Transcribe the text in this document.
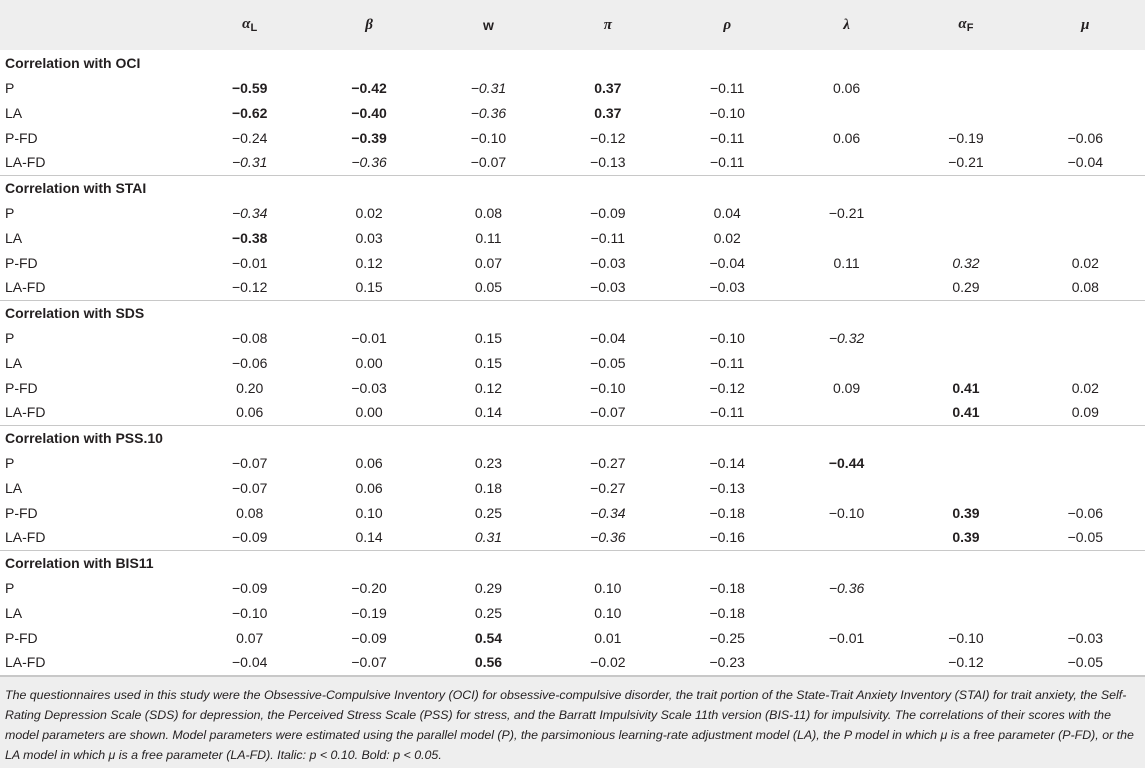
	$\alpha_L$	β	w	π	ρ	λ	$\alpha_F$	μ
Correlation with OCI								
P	−0.59	−0.42	−0.31	0.37	−0.11	0.06		
LA	−0.62	−0.40	−0.36	0.37	−0.10			
P-FD	−0.24	−0.39	−0.10	−0.12	−0.11	0.06	−0.19	−0.06
LA-FD	−0.31	−0.36	−0.07	−0.13	−0.11		−0.21	−0.04
Correlation with STAI								
P	−0.34	0.02	0.08	−0.09	0.04	−0.21		
LA	−0.38	0.03	0.11	−0.11	0.02			
P-FD	−0.01	0.12	0.07	−0.03	−0.04	0.11	0.32	0.02
LA-FD	−0.12	0.15	0.05	−0.03	−0.03		0.29	0.08
Correlation with SDS								
P	−0.08	−0.01	0.15	−0.04	−0.10	−0.32		
LA	−0.06	0.00	0.15	−0.05	−0.11			
P-FD	0.20	−0.03	0.12	−0.10	−0.12	0.09	0.41	0.02
LA-FD	0.06	0.00	0.14	−0.07	−0.11		0.41	0.09
Correlation with PSS.10								
P	−0.07	0.06	0.23	−0.27	−0.14	−0.44		
LA	−0.07	0.06	0.18	−0.27	−0.13			
P-FD	0.08	0.10	0.25	−0.34	−0.18	−0.10	0.39	−0.06
LA-FD	−0.09	0.14	0.31	−0.36	−0.16		0.39	−0.05
Correlation with BIS11								
P	−0.09	−0.20	0.29	0.10	−0.18	−0.36		
LA	−0.10	−0.19	0.25	0.10	−0.18			
P-FD	0.07	−0.09	0.54	0.01	−0.25	−0.01	−0.10	−0.03
LA-FD	−0.04	−0.07	0.56	−0.02	−0.23		−0.12	−0.05
The questionnaires used in this study were the Obsessive-Compulsive Inventory (OCI) for obsessive-compulsive disorder, the trait portion of the State-Trait Anxiety Inventory (STAI) for trait anxiety, the Self-Rating Depression Scale (SDS) for depression, the Perceived Stress Scale (PSS) for stress, and the Barratt Impulsivity Scale 11th version (BIS-11) for impulsivity. The correlations of their scores with the model parameters are shown. Model parameters were estimated using the parallel model (P), the parsimonious learning-rate adjustment model (LA), the P model in which μ is a free parameter (P-FD), or the LA model in which μ is a free parameter (LA-FD). Italic: p < 0.10. Bold: p < 0.05.
